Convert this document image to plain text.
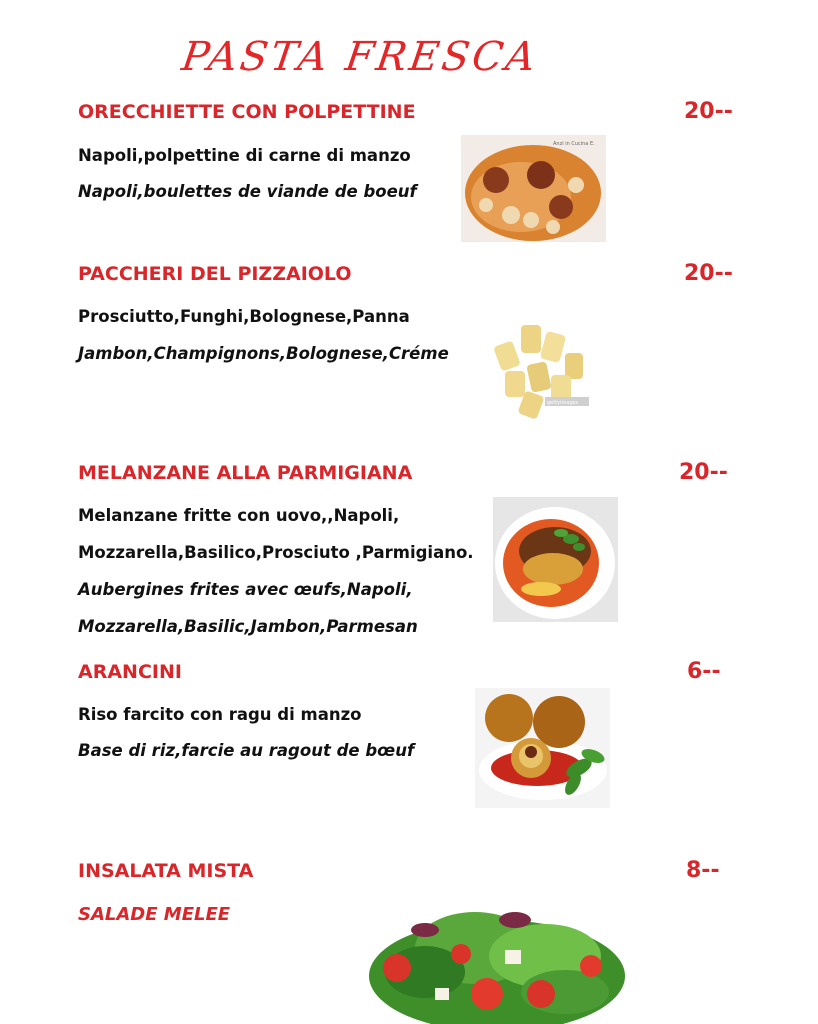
PASTA FRESCA
ORECCHIETTE CON POLPETTINE	20--
Napoli,polpettine di carne di manzo
Napoli,boulettes de viande de boeuf
Anzi in Cucina E.
PACCHERI DEL PIZZAIOLO	20--
Prosciutto,Funghi,Bolognese,Panna
Jambon,Champignons,Bolognese,Créme
gettyimages
MELANZANE ALLA PARMIGIANA	20--
Melanzane fritte con uovo,,Napoli,
Mozzarella,Basilico,Prosciuto ,Parmigiano.
Aubergines frites avec œufs,Napoli,
Mozzarella,Basilic,Jambon,Parmesan
ARANCINI	6--
Riso farcito con ragu di manzo
Base di riz,farcie au ragout de bœuf
INSALATA MISTA	8--
SALADE MELEE
